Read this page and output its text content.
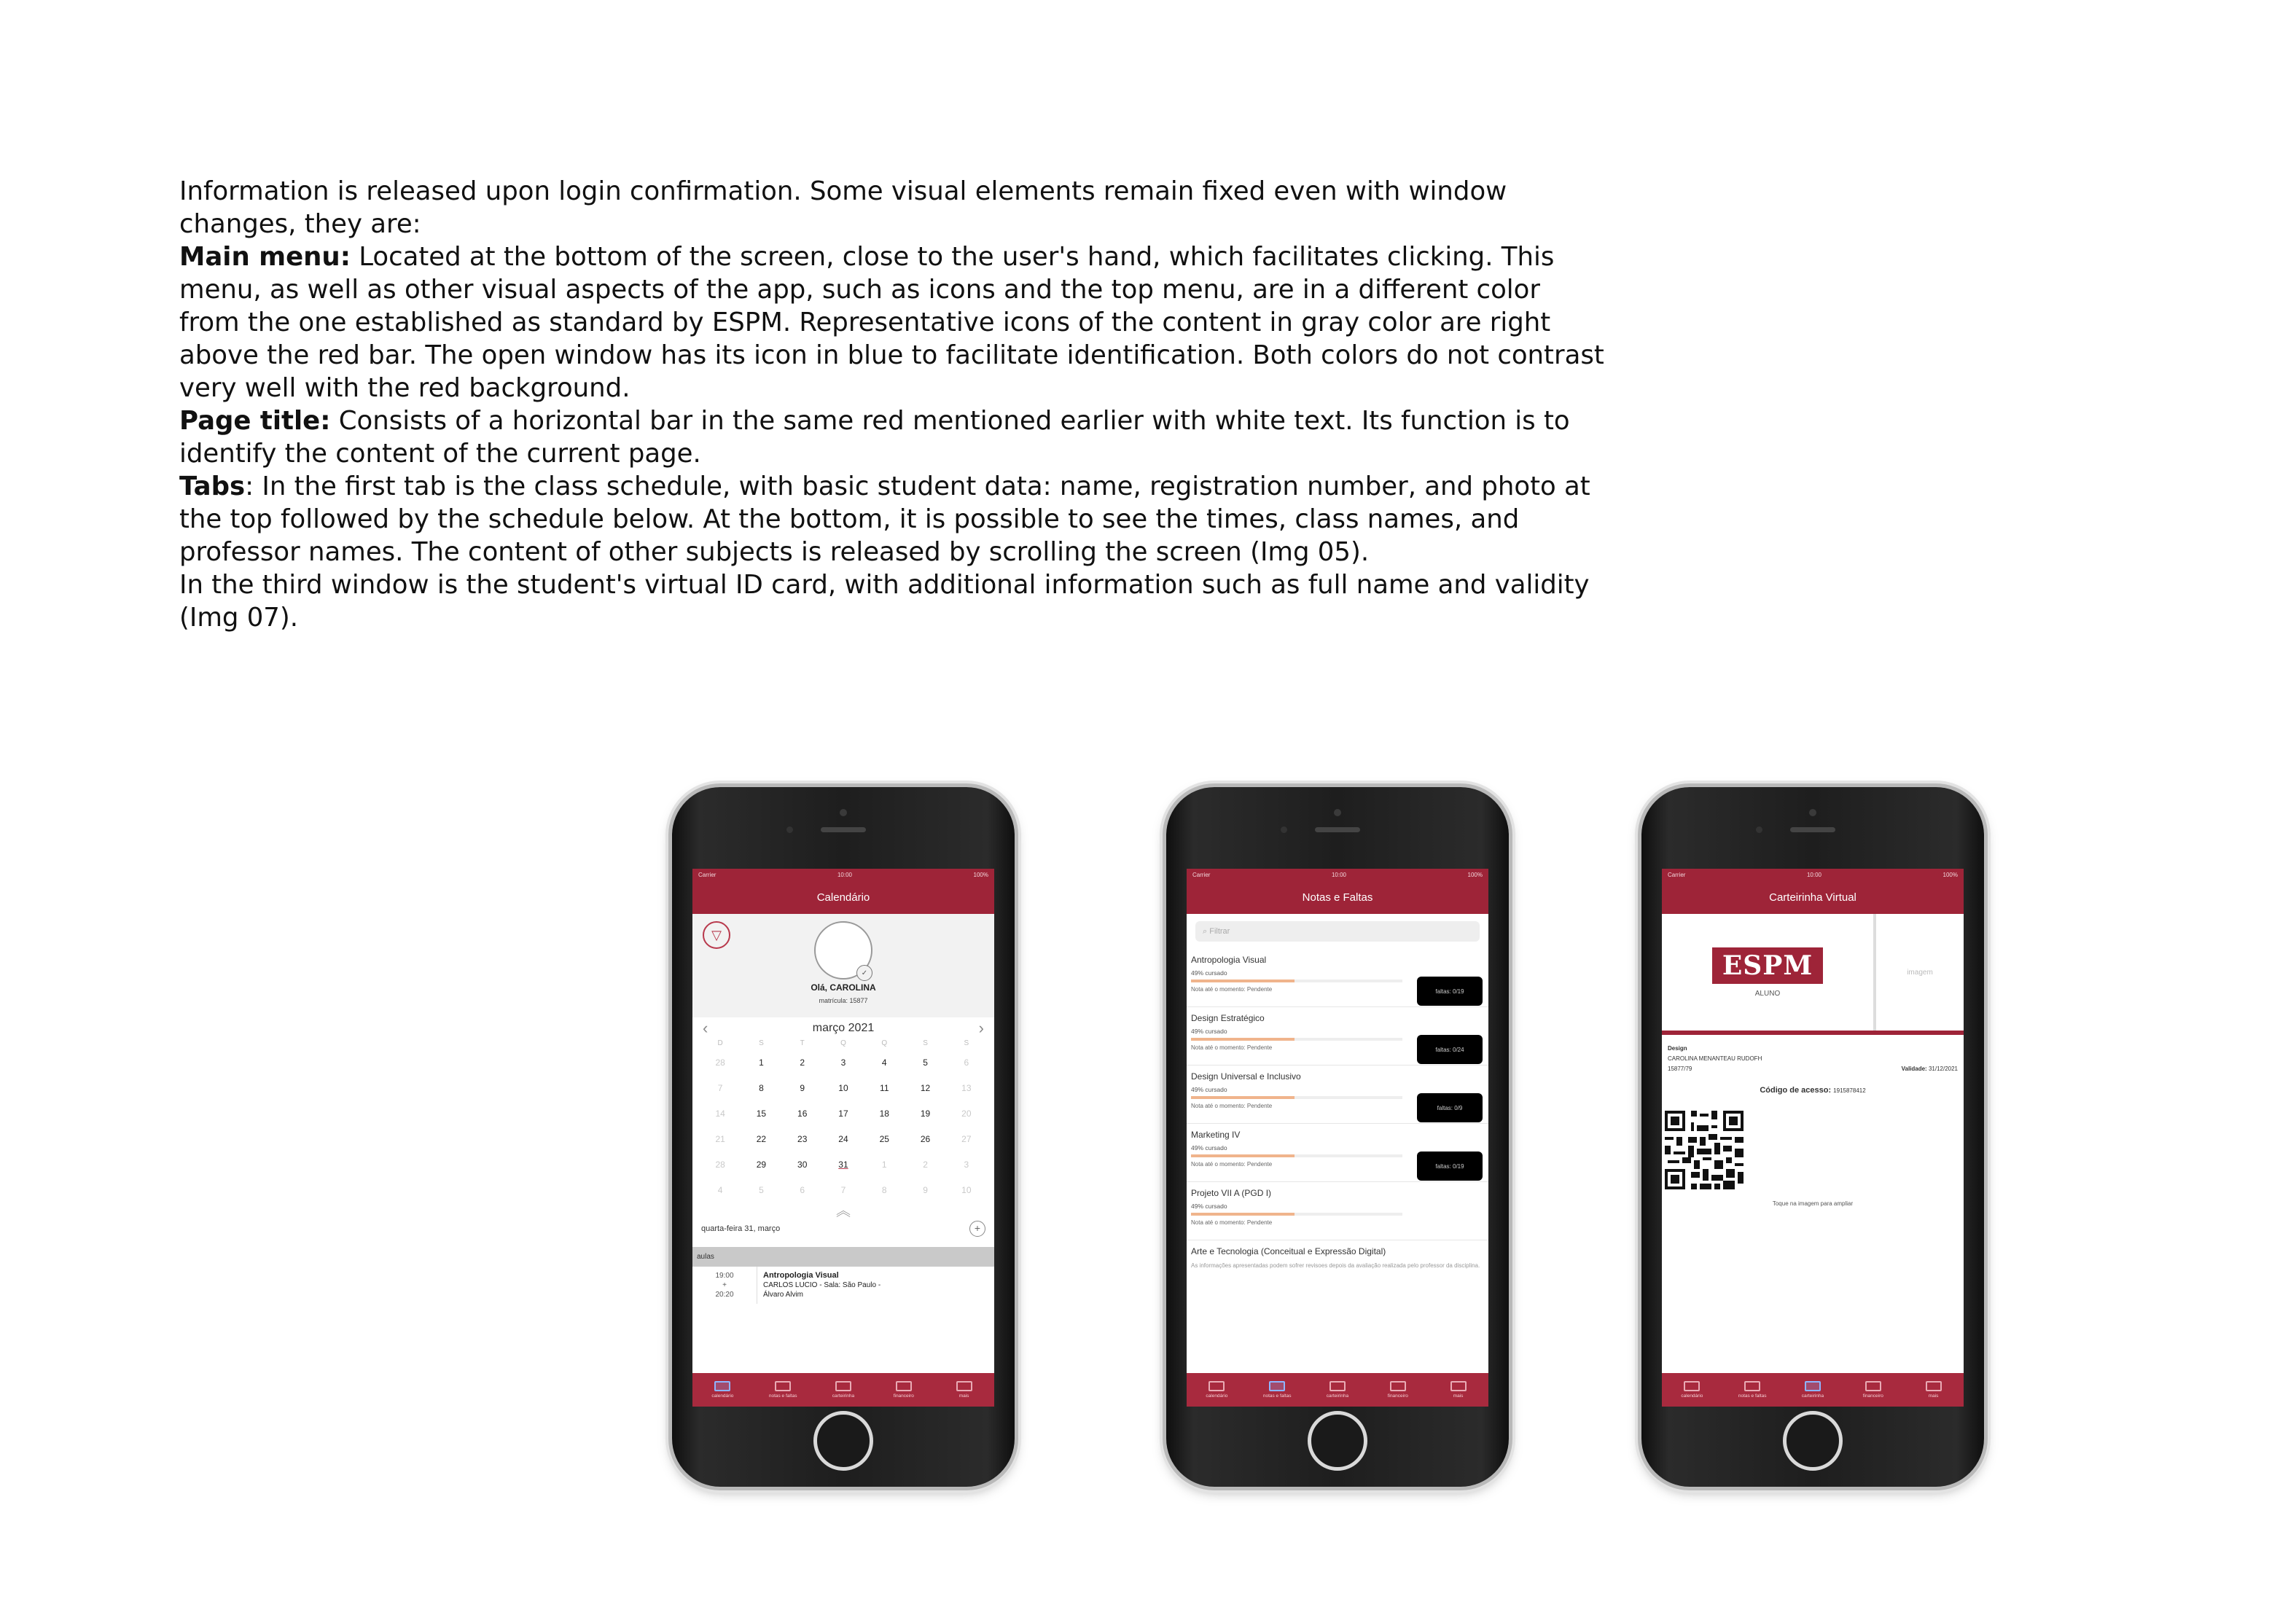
Information is released upon login confirmation. Some visual elements remain fixed even with window changes, they are:

Main menu: Located at the bottom of the screen, close to the user's hand, which facilitates clicking. This menu, as well as other visual aspects of the app, such as icons and the top menu, are in a different color from the one established as standard by ESPM. Representative icons of the content in gray color are right above the red bar. The open window has its icon in blue to facilitate identification. Both colors do not contrast very well with the red background.

Page title: Consists of a horizontal bar in the same red mentioned earlier with white text. Its function is to identify the content of the current page.

Tabs: In the first tab is the class schedule, with basic student data: name, registration number, and photo at the top followed by the schedule below. At the bottom, it is possible to see the times, class names, and professor names. The content of other subjects is released by scrolling the screen (Img 05).

In the third window is the student's virtual ID card, with additional information such as full name and validity (Img 07).

Carrier	10:00	100%
Calendário
▽
✓
Olá, CAROLINA
matrícula: 15877
‹	março 2021	›
D	S	T	Q	Q	S	S
28	1	2	3	4	5	6
7	8	9	10	11	12	13
14	15	16	17	18	19	20
21	22	23	24	25	26	27
28	29	30	31	1	2	3
4	5	6	7	8	9	10
︽
quarta-feira 31, março	+
aulas
19:00
+
20:20
Antropologia Visual
CARLOS LUCIO - Sala: São Paulo -
Álvaro Alvim
calendário	notas e faltas	carteirinha	financeiro	mais
Carrier	10:00	100%
Notas e Faltas
⌕ Filtrar
Antropologia Visual
49% cursado
Nota até o momento: Pendente	faltas: 0/19
Design Estratégico
49% cursado
Nota até o momento: Pendente	faltas: 0/24
Design Universal e Inclusivo
49% cursado
Nota até o momento: Pendente	faltas: 0/9
Marketing IV
49% cursado
Nota até o momento: Pendente	faltas: 0/19
Projeto VII A (PGD I)
49% cursado
Nota até o momento: Pendente
Arte e Tecnologia (Conceitual e Expressão Digital)
As informações apresentadas podem sofrer revisoes depois da avaliação realizada pelo professor da disciplina.
calendário	notas e faltas	carteirinha	financeiro	mais
Carrier	10:00	100%
Carteirinha Virtual
ESPM
ALUNO
imagem
Design
CAROLINA MENANTEAU RUDOFH
15877/79	Validade: 31/12/2021
Código de acesso: 1915878412
Toque na imagem para ampliar
calendário	notas e faltas	carteirinha	financeiro	mais
